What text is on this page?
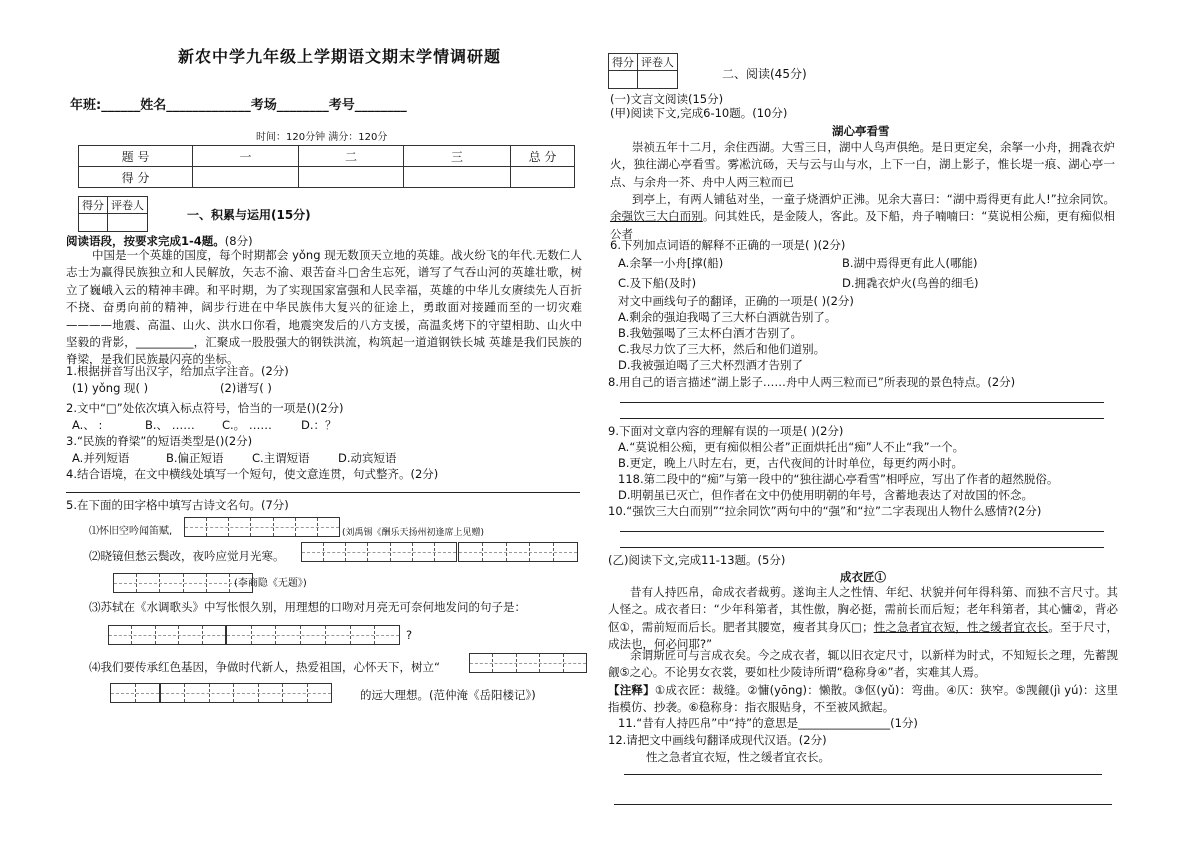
新农中学九年级上学期语文期末学情调研题
年班:______姓名_____________考场________考号________
时间：120分钟 满分：120分
题 号	一	二	三	总 分
得 分				
得分	评卷人

一、积累与运用(15分)
阅读语段，按要求完成1-4题。(8分)
中国是一个英雄的国度，每个时期都会 yǒng 现无数顶天立地的英雄。战火纷飞的年代.无数仁人志士为赢得民族独立和人民解放，矢志不渝、艰苦奋斗□舍生忘死，谱写了气吞山河的英雄壮歌，树立了巍峨入云的精神丰碑。和平时期，为了实现国家富强和人民幸福，英雄的中华儿女赓续先人百折不挠、奋勇向前的精神，阔步行进在中华民族伟大复兴的征途上，勇敢面对接踵而至的一切灾难————地震、高温、山火、洪水口你看，地震突发后的八方支援，高温炙烤下的守望相助、山火中坚毅的背影，__________，汇聚成一股股强大的钢铁洪流，构筑起一道道钢铁长城 英雄是我们民族的脊梁，是我们民族最闪亮的坐标。
1.根据拼音写出汉字，给加点字注音。(2分)
(1) yǒng 现( )	(2)谱写( )
2.文中“□”处依次填入标点符号，恰当的一项是()(2分)
A.、 :	B.、 …… C.。 ……	D.：？
3.“民族的脊梁”的短语类型是()(2分)
A.并列短语	B.偏正短语 C.主谓短语 D.动宾短语
4.结合语境，在文中横线处填写一个短句，使文意连贯，句式整齐。(2分)
5.在下面的田字格中填写古诗文名句。(7分)
⑴怀旧空吟闻笛赋,	(刘禹锡《酬乐天扬州初逢席上见赠)
⑵晓镜但愁云鬓改，夜吟应觉月光寒。
(李商隐《无题》)
⑶苏轼在《水调歌头》中写怅恨久别，用理想的口吻对月亮无可奈何地发问的句子是：
?
⑷我们要传承红色基因，争做时代新人，热爱祖国，心怀天下，树立“
的远大理想。(范仲淹《岳阳楼记》)
得分	评卷人

二、阅读(45分)
(一)文言文阅读(15分)
(甲)阅读下文,完成6-10题。(10分)
湖心亭看雪
崇祯五年十二月，余住西湖。大雪三日，湖中人鸟声俱绝。是日更定矣，余拏一小舟，拥毳衣炉火，独往湖心亭看雪。雾凇沆砀，天与云与山与水，上下一白，湖上影子，惟长堤一痕、湖心亭一点、与余舟一芥、舟中人两三粒而已
到亭上，有两人铺毡对坐，一童子烧酒炉正沸。见余大喜曰：“湖中焉得更有此人!”拉余同饮。余强饮三大白而别。问其姓氏，是金陵人，客此。及下船，舟子喃喃曰：“莫说相公痴，更有痴似相公者
6.下列加点词语的解释不正确的一项是( )(2分)
A.余拏一小舟[撑(船)	B.湖中焉得更有此人(哪能)
C.及下船(及时)	D.拥毳衣炉火(鸟兽的细毛)
对文中画线句子的翻译，正确的一项是( )(2分)
A.剩余的强迫我喝了三大杯白酒就告别了。
B.我勉强喝了三太杯白酒才告别了。
C.我尽力饮了三大杯，然后和他们道别。
D.我被强迫喝了三犬杯烈酒才告别了
8.用自己的语言描述“湖上影子……舟中人两三粒而已”所表现的景色特点。(2分)
9.下面对文章内容的理解有误的一项是( )(2分)
A.“莫说相公痴，更有痴似相公者”正面烘托出“痴”人不止“我”一个。
B.更定，晚上八时左右，更，古代夜间的计时单位，每更约两小时。
118.第二段中的“痴”与第一段中的“独往湖心亭看雪”相呼应，写出了作者的超然脱俗。
D.明朝虽已灭亡，但作者在文中仍使用明朝的年号，含蓄地表达了对故国的怀念。
10.“强饮三大白而别”“拉余同饮”两句中的“强”和“拉”二字表现出人物什么感情?(2分)
(乙)阅读下文,完成11-13题。(5分)
成衣匠①
昔有人持匹帛，命成衣者裁剪。遂询主人之性情、年纪、状貌并何年得科第、而独不言尺寸。其人怪之。成衣者曰：“少年科第者，其性傲，胸必挺，需前长而后短；老年科第者，其心慵②，背必伛①，需前短而后长。肥者其腰宽，瘦者其身仄□；性之急者宜衣短，性之缓者宜衣长。至于尺寸，成法也，何必问耶?”
余谓斯匠可与言成衣矣。今之成衣者，辄以旧衣定尺寸，以新样为时式，不知短长之理，先蓄觊觎⑤之心。不论男女衣裳，要如杜少陵诗所谓“稳称身④”者，实难其人焉。
【注释】①成衣匠：裁缝。②慵(yōng)：懒散。③伛(yǔ)：弯曲。④仄：狭窄。⑤觊觎(jì yú)：这里指模仿、抄袭。⑥稳称身：指衣服贴身，不至被风掀起。
11.“昔有人持匹帛”中“持”的意思是________________(1分)
12.请把文中画线句翻译成现代汉语。(2分)
性之急者宜衣短，性之缓者宜衣长。
